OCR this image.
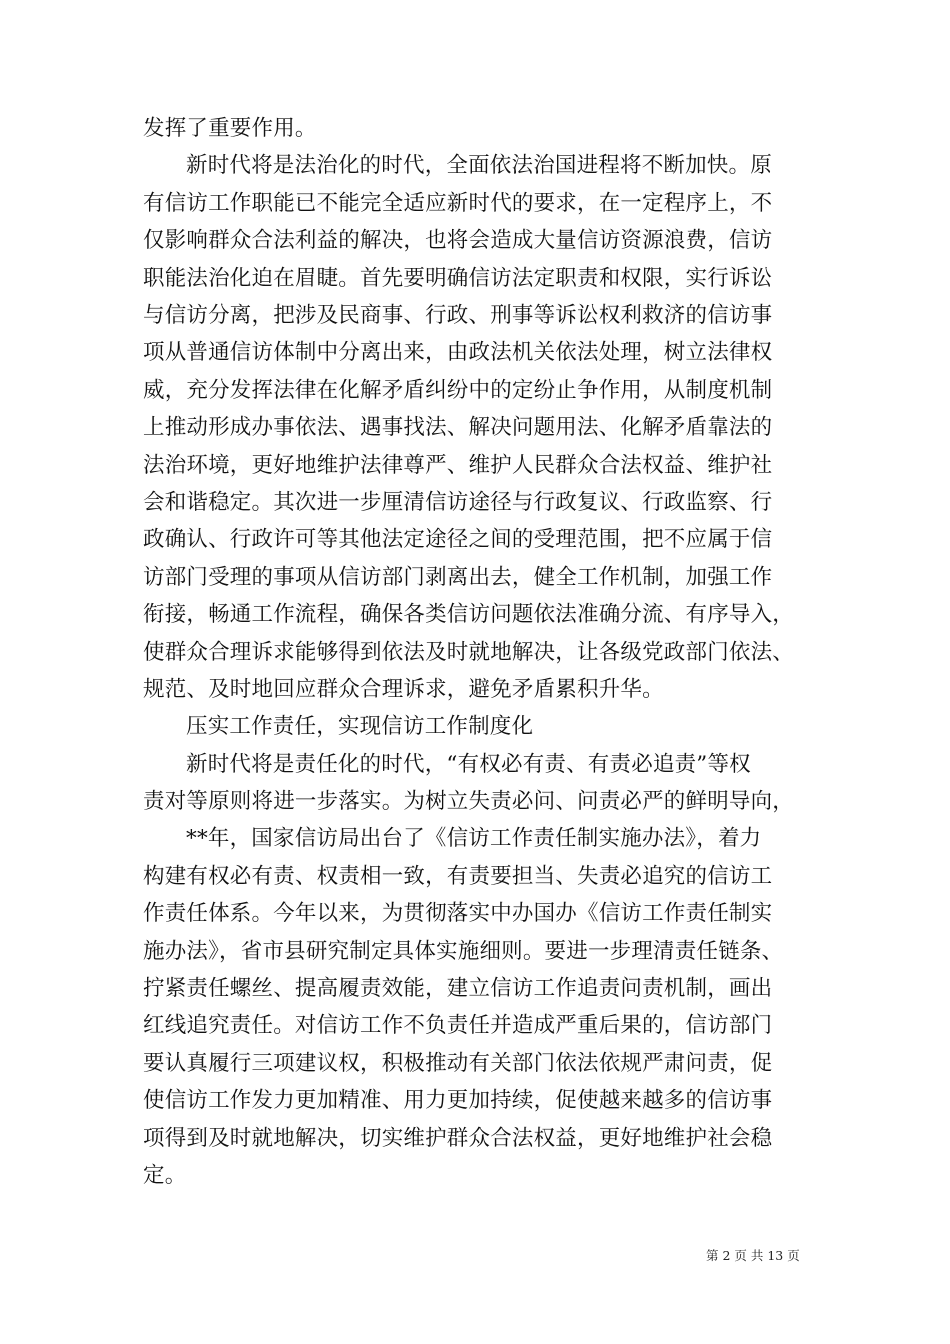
发挥了重要作用。
新时代将是法治化的时代，全面依法治国进程将不断加快。原
有信访工作职能已不能完全适应新时代的要求，在一定程序上，不
仅影响群众合法利益的解决，也将会造成大量信访资源浪费，信访
职能法治化迫在眉睫。首先要明确信访法定职责和权限，实行诉讼
与信访分离，把涉及民商事、行政、刑事等诉讼权利救济的信访事
项从普通信访体制中分离出来，由政法机关依法处理，树立法律权
威，充分发挥法律在化解矛盾纠纷中的定纷止争作用，从制度机制
上推动形成办事依法、遇事找法、解决问题用法、化解矛盾靠法的
法治环境，更好地维护法律尊严、维护人民群众合法权益、维护社
会和谐稳定。其次进一步厘清信访途径与行政复议、行政监察、行
政确认、行政许可等其他法定途径之间的受理范围，把不应属于信
访部门受理的事项从信访部门剥离出去，健全工作机制，加强工作
衔接，畅通工作流程，确保各类信访问题依法准确分流、有序导入，
使群众合理诉求能够得到依法及时就地解决，让各级党政部门依法、
规范、及时地回应群众合理诉求，避免矛盾累积升华。
压实工作责任，实现信访工作制度化
新时代将是责任化的时代，“有权必有责、有责必追责”等权
责对等原则将进一步落实。为树立失责必问、问责必严的鲜明导向，
**年，国家信访局出台了《信访工作责任制实施办法》，着力
构建有权必有责、权责相一致，有责要担当、失责必追究的信访工
作责任体系。今年以来，为贯彻落实中办国办《信访工作责任制实
施办法》，省市县研究制定具体实施细则。要进一步理清责任链条、
拧紧责任螺丝、提高履责效能，建立信访工作追责问责机制，画出
红线追究责任。对信访工作不负责任并造成严重后果的，信访部门
要认真履行三项建议权，积极推动有关部门依法依规严肃问责，促
使信访工作发力更加精准、用力更加持续，促使越来越多的信访事
项得到及时就地解决，切实维护群众合法权益，更好地维护社会稳
定。
第 2 页 共 13 页
